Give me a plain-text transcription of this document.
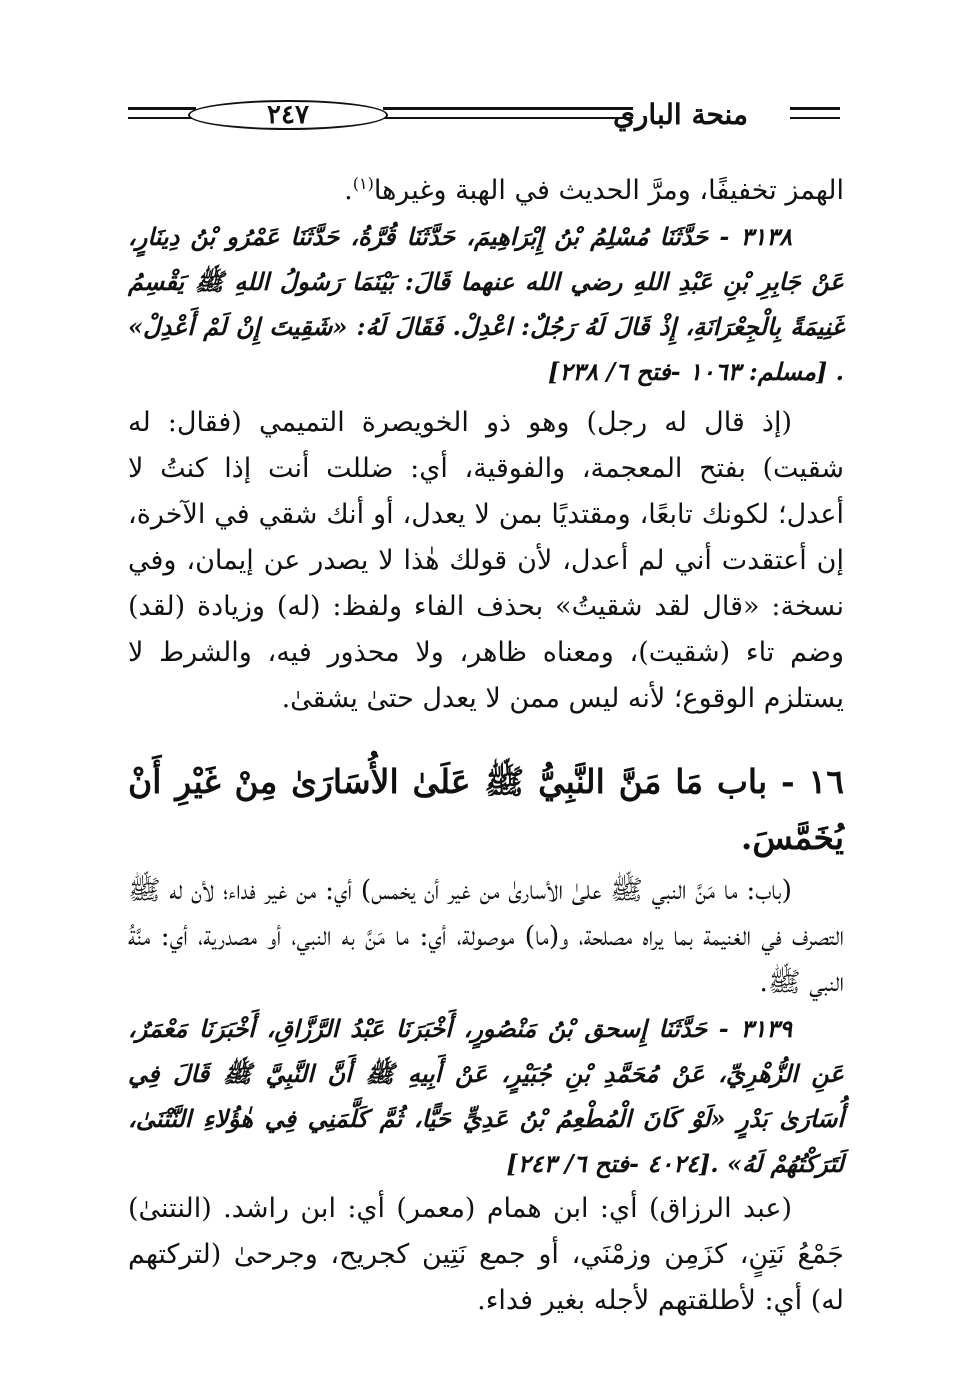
٢٤٧	منحة الباري

الهمز تخفيفًا، ومرَّ الحديث في الهبة وغيرها$^{(١)}$.

٣١٣٨ - حَدَّثَنَا مُسْلِمُ بْنُ إِبْرَاهِيمَ، حَدَّثَنَا قُرَّةُ، حَدَّثَنَا عَمْرُو بْنُ دِينَارٍ، عَنْ جَابِرِ بْنِ عَبْدِ اللهِ رضي الله عنهما قَالَ: بَيْنَمَا رَسُولُ اللهِ ﷺ يَقْسِمُ غَنِيمَةً بِالْجِعْرَانَةِ، إِذْ قَالَ لَهُ رَجُلٌ: اعْدِلْ. فَقَالَ لَهُ: «شَقِيتَ إِنْ لَمْ أَعْدِلْ» . [مسلم: ١٠٦٣ -فتح ٦/ ٢٣٨]

(إذ قال له رجل) وهو ذو الخويصرة التميمي (فقال: له شقيت) بفتح المعجمة، والفوقية، أي: ضللت أنت إذا كنتُ لا أعدل؛ لكونك تابعًا، ومقتديًا بمن لا يعدل، أو أنك شقي في الآخرة، إن أعتقدت أني لم أعدل، لأن قولك هٰذا لا يصدر عن إيمان، وفي نسخة: «قال لقد شقيتُ» بحذف الفاء ولفظ: (له) وزيادة (لقد) وضم تاء (شقيت)، ومعناه ظاهر، ولا محذور فيه، والشرط لا يستلزم الوقوع؛ لأنه ليس ممن لا يعدل حتىٰ يشقىٰ.

١٦ - باب مَا مَنَّ النَّبِيُّ ﷺ عَلَىٰ الأُسَارَىٰ مِنْ غَيْرِ أَنْ يُخَمَّسَ.

(باب: ما مَنَّ النبي ﷺ علىٰ الأسارىٰ من غير أن يخمس) أي: من غير فداء؛ لأن له ﷺ التصرف في الغنيمة بما يراه مصلحة، و(ما) موصولة، أي: ما مَنَّ به النبي، أو مصدرية، أي: منَّةُ النبي ﷺ.

٣١٣٩ - حَدَّثَنَا إِسحق بْنُ مَنْصُورٍ، أَخْبَرَنَا عَبْدُ الرَّزَّاقِ، أَخْبَرَنَا مَعْمَرٌ، عَنِ الزُّهْرِيِّ، عَنْ مُحَمَّدِ بْنِ جُبَيْرٍ، عَنْ أَبِيهِ ﷺ أَنَّ النَّبِيَّ ﷺ قَالَ فِي أُسَارَىٰ بَدْرٍ «لَوْ كَانَ الْمُطْعِمُ بْنُ عَدِيٍّ حَيًّا، ثُمَّ كَلَّمَنِي فِي هٰؤُلاءِ النَّتْنَىٰ، لَتَرَكْتُهُمْ لَهُ» .[٤٠٢٤ -فتح ٦/ ٢٤٣]

(عبد الرزاق) أي: ابن همام (معمر) أي: ابن راشد. (النتنىٰ) جَمْعُ نَتِنٍ، كزَمِن وزمْنَي، أو جمع نَتِين كجريح، وجرحىٰ (لتركتهم له) أي: لأطلقتهم لأجله بغير فداء.
